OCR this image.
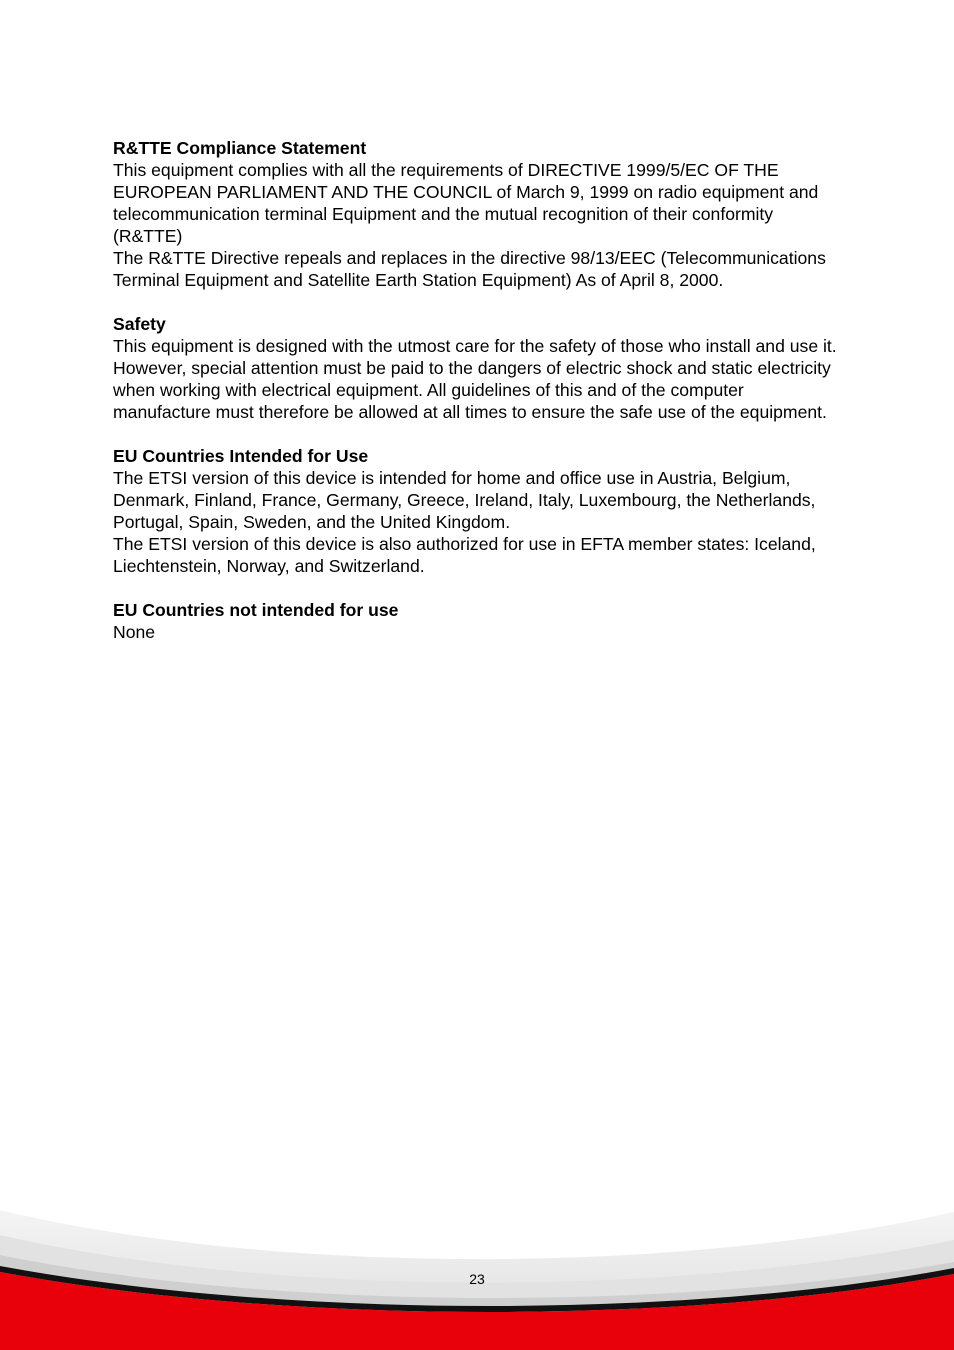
R&TTE Compliance Statement

This equipment complies with all the requirements of DIRECTIVE 1999/5/EC OF THE EUROPEAN PARLIAMENT AND THE COUNCIL of March 9, 1999 on radio equipment and telecommunication terminal Equipment and the mutual recognition of their conformity (R&TTE)

The R&TTE Directive repeals and replaces in the directive 98/13/EEC (Telecommunications Terminal Equipment and Satellite Earth Station Equipment) As of April 8, 2000.

Safety

This equipment is designed with the utmost care for the safety of those who install and use it. However, special attention must be paid to the dangers of electric shock and static electricity when working with electrical equipment. All guidelines of this and of the computer manufacture must therefore be allowed at all times to ensure the safe use of the equipment.

EU Countries Intended for Use

The ETSI version of this device is intended for home and office use in Austria, Belgium, Denmark, Finland, France, Germany, Greece, Ireland, Italy, Luxembourg, the Netherlands, Portugal, Spain, Sweden, and the United Kingdom.

The ETSI version of this device is also authorized for use in EFTA member states: Iceland, Liechtenstein, Norway, and Switzerland.

EU Countries not intended for use

None

23
